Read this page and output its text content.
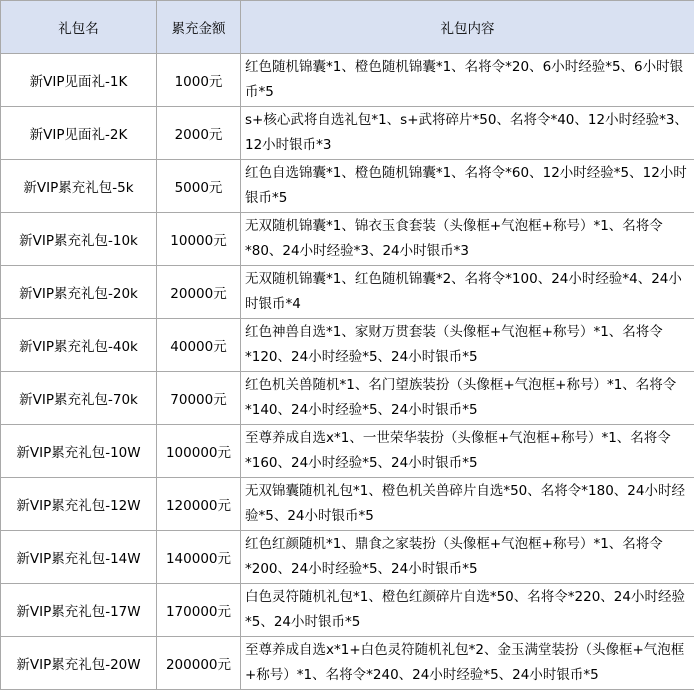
礼包名	累充金额	礼包内容
新VIP见面礼-1K	1000元	红色随机锦囊*1、橙色随机锦囊*1、名将令*20、6小时经验*5、6小时银币*5
新VIP见面礼-2K	2000元	s+核心武将自选礼包*1、s+武将碎片*50、名将令*40、12小时经验*3、12小时银币*3
新VIP累充礼包-5k	5000元	红色自选锦囊*1、橙色随机锦囊*1、名将令*60、12小时经验*5、12小时银币*5
新VIP累充礼包-10k	10000元	无双随机锦囊*1、锦衣玉食套装（头像框+气泡框+称号）*1、名将令*80、24小时经验*3、24小时银币*3
新VIP累充礼包-20k	20000元	无双随机锦囊*1、红色随机锦囊*2、名将令*100、24小时经验*4、24小时银币*4
新VIP累充礼包-40k	40000元	红色神兽自选*1、家财万贯套装（头像框+气泡框+称号）*1、名将令*120、24小时经验*5、24小时银币*5
新VIP累充礼包-70k	70000元	红色机关兽随机*1、名门望族装扮（头像框+气泡框+称号）*1、名将令*140、24小时经验*5、24小时银币*5
新VIP累充礼包-10W	100000元	至尊养成自选x*1、一世荣华装扮（头像框+气泡框+称号）*1、名将令*160、24小时经验*5、24小时银币*5
新VIP累充礼包-12W	120000元	无双锦囊随机礼包*1、橙色机关兽碎片自选*50、名将令*180、24小时经验*5、24小时银币*5
新VIP累充礼包-14W	140000元	红色红颜随机*1、鼎食之家装扮（头像框+气泡框+称号）*1、名将令*200、24小时经验*5、24小时银币*5
新VIP累充礼包-17W	170000元	白色灵符随机礼包*1、橙色红颜碎片自选*50、名将令*220、24小时经验*5、24小时银币*5
新VIP累充礼包-20W	200000元	至尊养成自选x*1+白色灵符随机礼包*2、金玉满堂装扮（头像框+气泡框+称号）*1、名将令*240、24小时经验*5、24小时银币*5
